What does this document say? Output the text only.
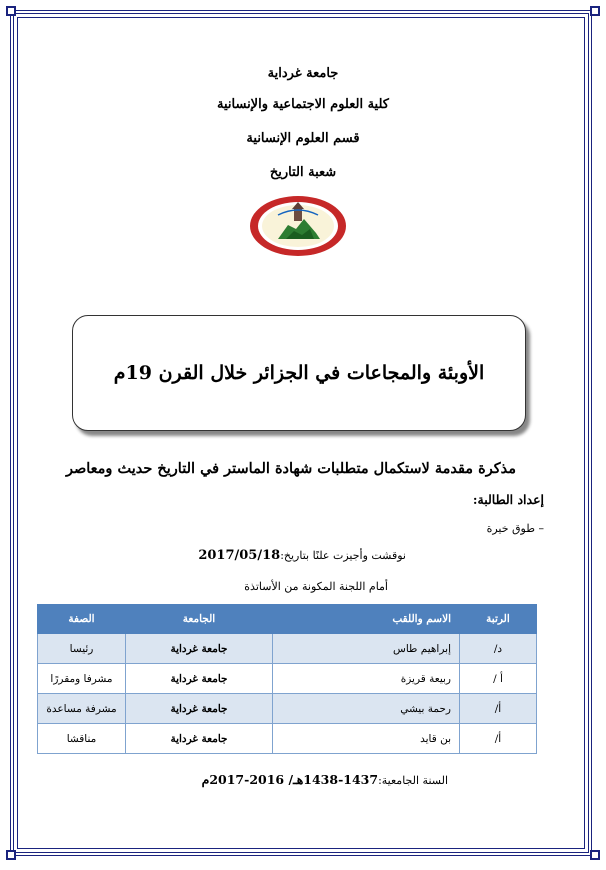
جامعة غرداية
كلية العلوم الاجتماعية والإنسانية
قسم العلوم الإنسانية
شعبة التاريخ
الأوبئة والمجاعات في الجزائر خلال القرن 19م
مذكرة مقدمة لاستكمال متطلبات شهادة الماستر في التاريخ حديث ومعاصر
إعداد الطالبة:
– طوق خيرة
نوقشت وأجيزت علنًا بتاريخ:2017/05/18
أمام اللجنة المكونة من الأساتذة
الرتبة	الاسم واللقب	الجامعة	الصفة
د/	إبراهيم طاس	جامعة غرداية	رئيسا
أ /	ربيعة قريزة	جامعة غرداية	مشرفا ومقررًا
أ/	رحمة بيشي	جامعة غرداية	مشرفة مساعدة
أ/	بن قايد	جامعة غرداية	مناقشا
السنة الجامعية:1437-1438هـ/ 2016-2017م
